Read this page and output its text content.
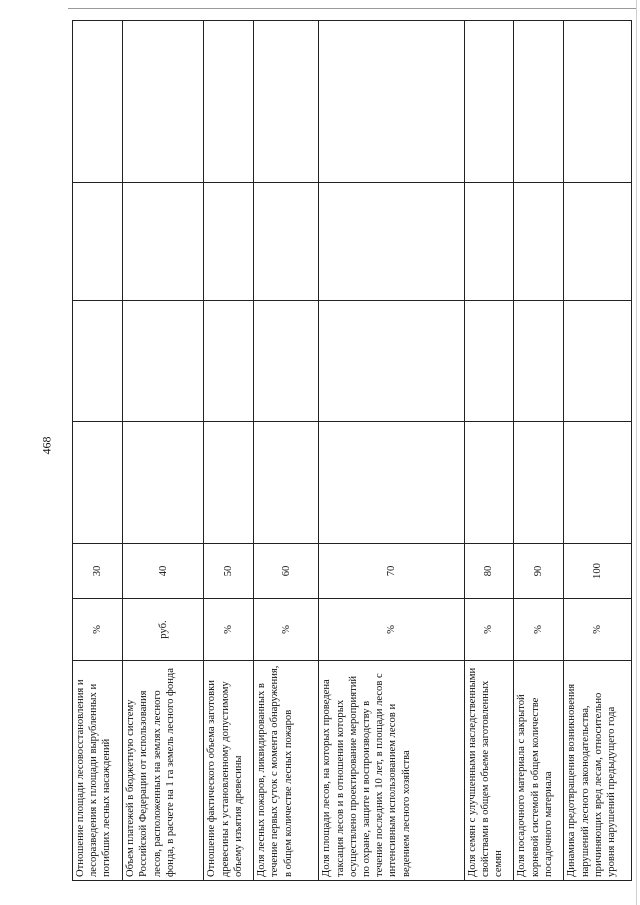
468
Отношение площади лесовосстановления и лесоразведения к площади вырубленных и погибших лесных насаждений	%	30				
Объем платежей в бюджетную систему Российской Федерации от использования лесов, расположенных на землях лесного фонда, в расчете на 1 га земель лесного фонда	руб.	40				
Отношение фактического объема заготовки древесины к установленному допустимому объему изъятия древесины	%	50				
Доля лесных пожаров, ликвидированных в течение первых суток с момента обнаружения, в общем количестве лесных пожаров	%	60				
Доля площади лесов, на которых проведена таксация лесов и в отношении которых осуществлено проектирование мероприятий по охране, защите и воспроизводству в течение последних 10 лет, в площади лесов с интенсивным использованием лесов и ведением лесного хозяйства	%	70				
Доля семян с улучшенными наследственными свойствами в общем объеме заготовленных семян	%	80				
Доля посадочного материала с закрытой корневой системой в общем количестве посадочного материала	%	90				
Динамика предотвращения возникновения нарушений лесного законодательства, причиняющих вред лесам, относительно уровня нарушений предыдущего года	%	100				
